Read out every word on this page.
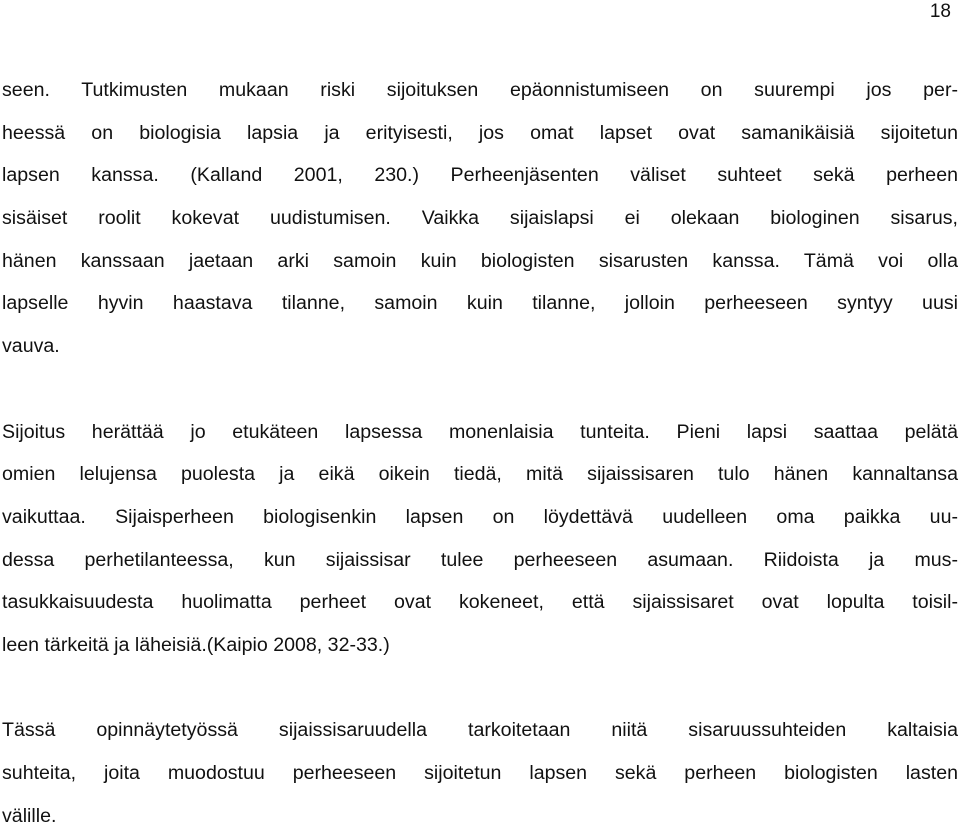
18
seen. Tutkimusten mukaan riski sijoituksen epäonnistumiseen on suurempi jos per-
heessä on biologisia lapsia ja erityisesti, jos omat lapset ovat samanikäisiä sijoitetun
lapsen kanssa. (Kalland 2001, 230.) Perheenjäsenten väliset suhteet sekä perheen
sisäiset roolit kokevat uudistumisen. Vaikka sijaislapsi ei olekaan biologinen sisarus,
hänen kanssaan jaetaan arki samoin kuin biologisten sisarusten kanssa. Tämä voi olla
lapselle hyvin haastava tilanne, samoin kuin tilanne, jolloin perheeseen syntyy uusi
vauva.
Sijoitus herättää jo etukäteen lapsessa monenlaisia tunteita. Pieni lapsi saattaa pelätä
omien lelujensa puolesta ja eikä oikein tiedä, mitä sijaissisaren tulo hänen kannaltansa
vaikuttaa. Sijaisperheen biologisenkin lapsen on löydettävä uudelleen oma paikka uu-
dessa perhetilanteessa, kun sijaissisar tulee perheeseen asumaan. Riidoista ja mus-
tasukkaisuudesta huolimatta perheet ovat kokeneet, että sijaissisaret ovat lopulta toisil-
leen tärkeitä ja läheisiä.(Kaipio 2008, 32-33.)
Tässä opinnäytetyössä sijaissisaruudella tarkoitetaan niitä sisaruussuhteiden kaltaisia
suhteita, joita muodostuu perheeseen sijoitetun lapsen sekä perheen biologisten lasten
välille.
